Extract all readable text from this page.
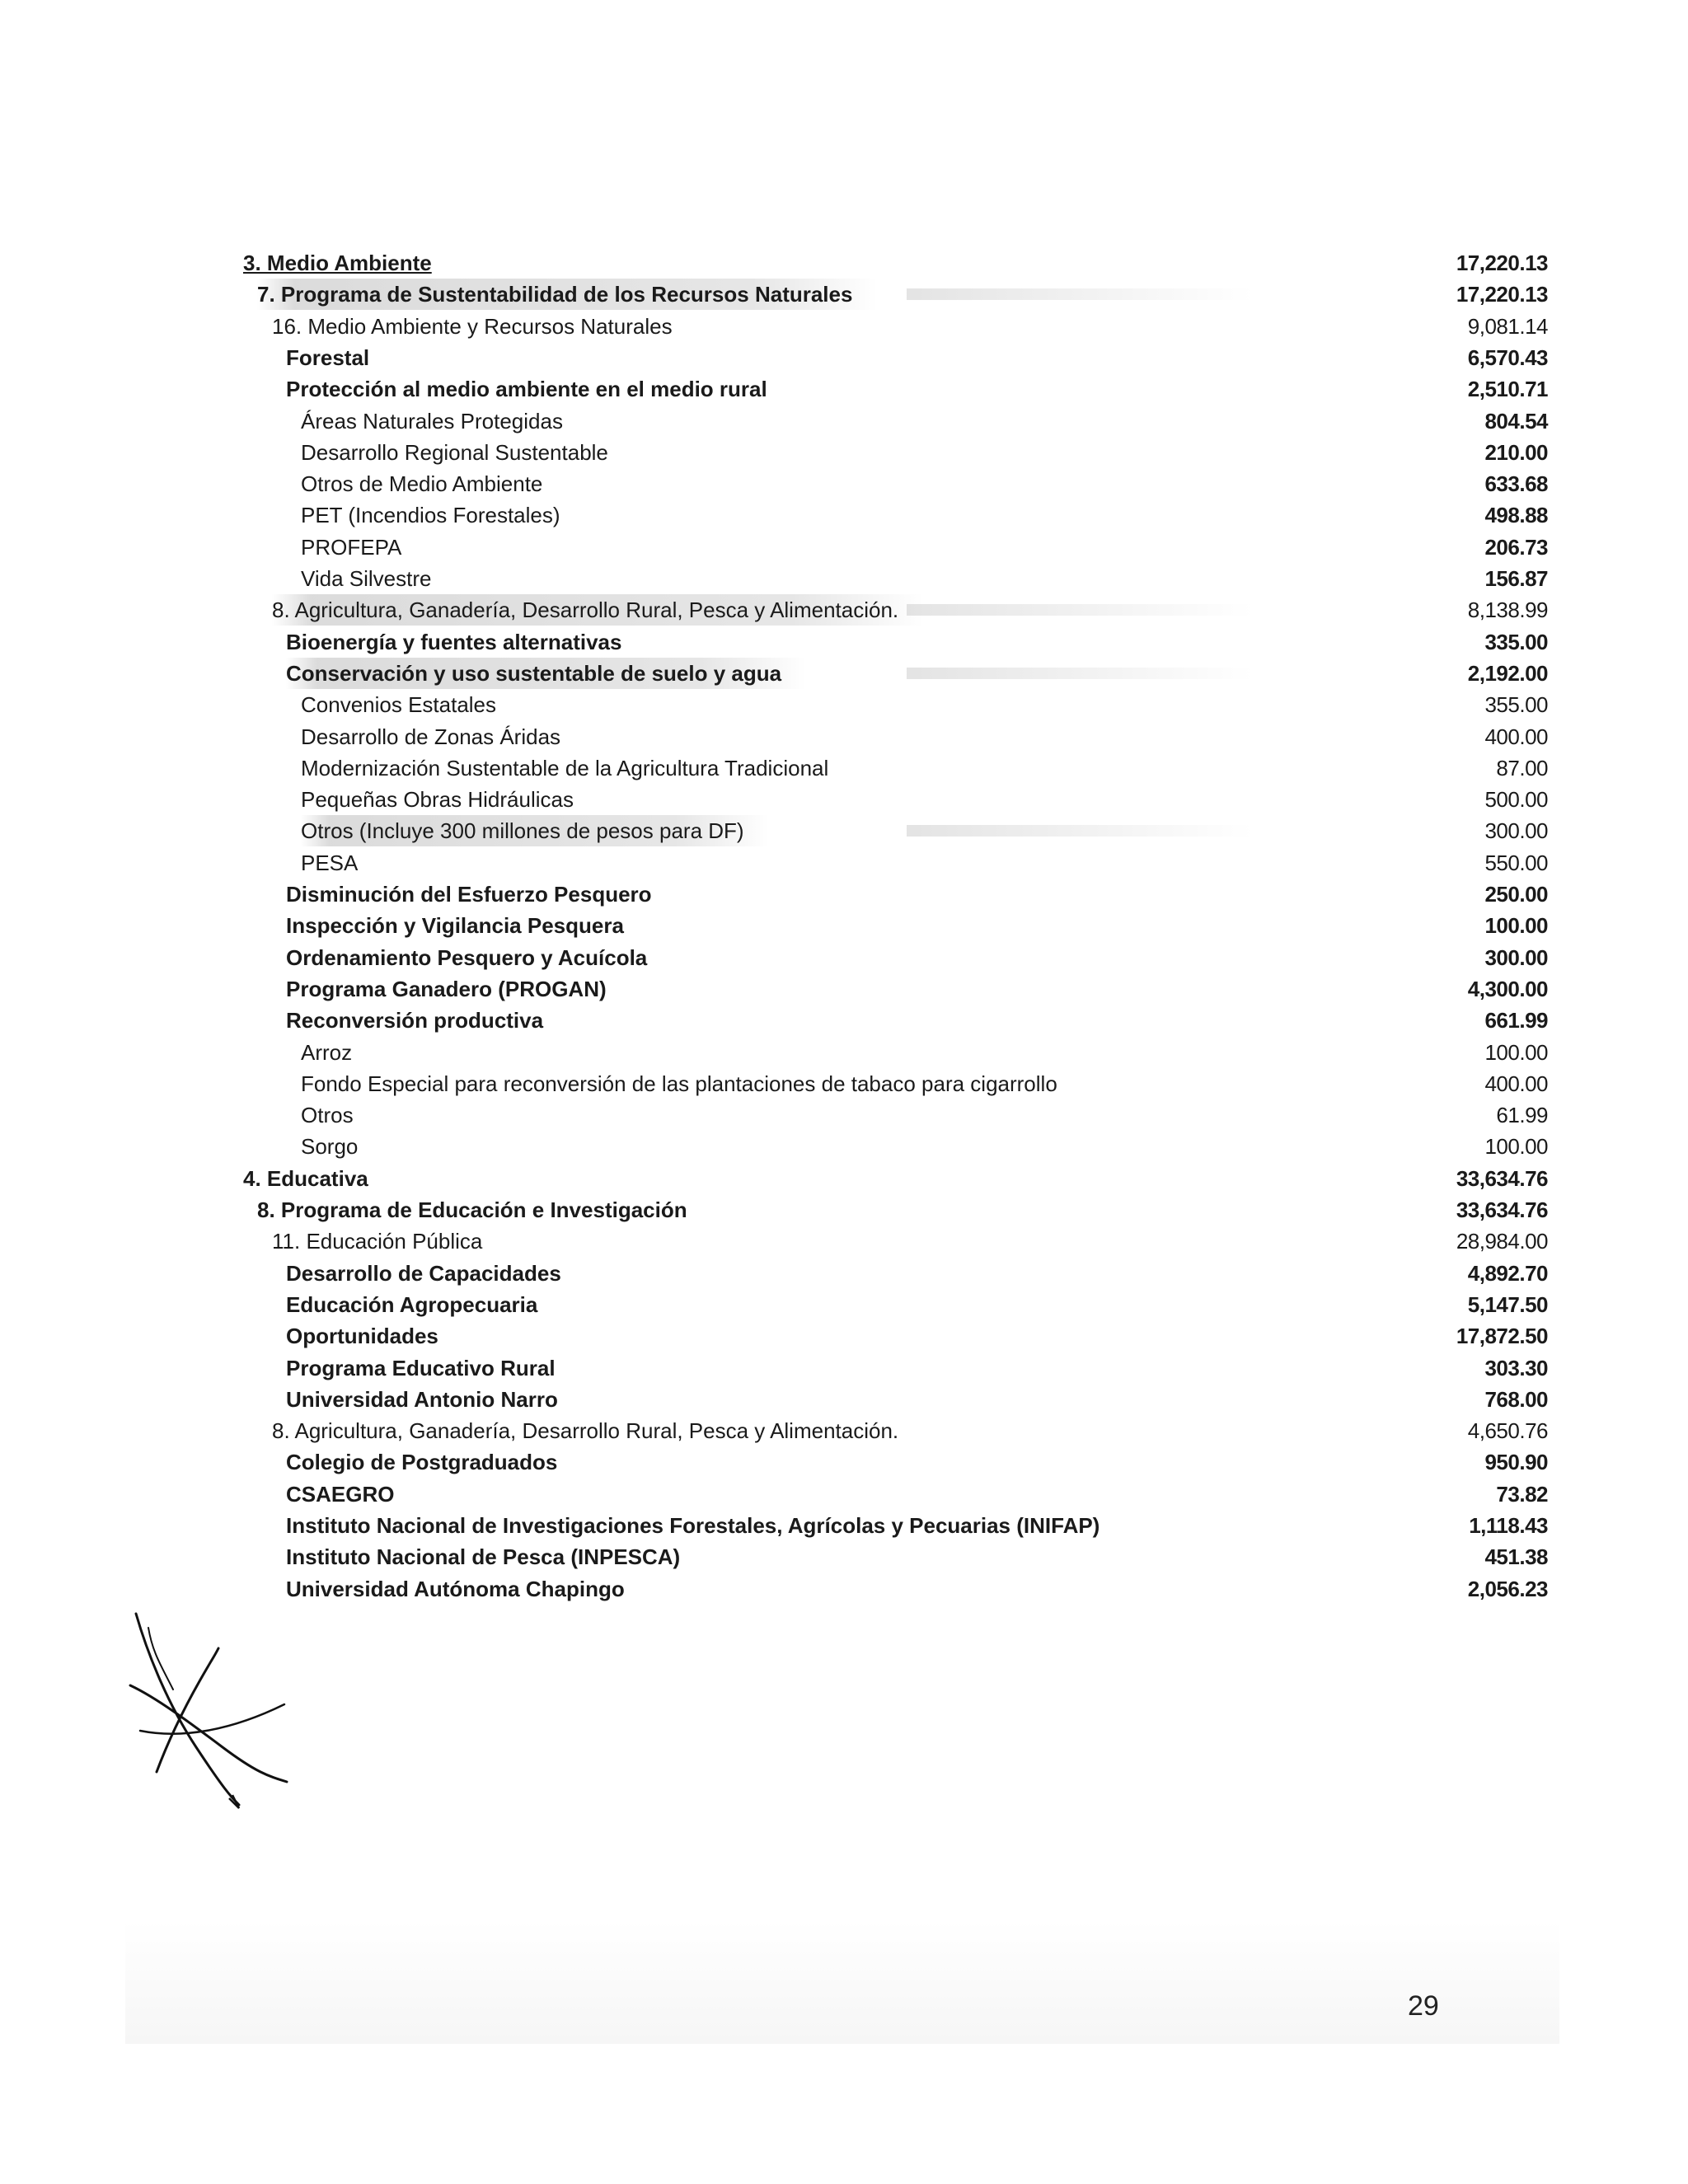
3. Medio Ambiente	17,220.13
7. Programa de Sustentabilidad de los Recursos Naturales	17,220.13
16. Medio Ambiente y Recursos Naturales	9,081.14
Forestal	6,570.43
Protección al medio ambiente en el medio rural	2,510.71
Áreas Naturales Protegidas	804.54
Desarrollo Regional Sustentable	210.00
Otros de Medio Ambiente	633.68
PET (Incendios Forestales)	498.88
PROFEPA	206.73
Vida Silvestre	156.87
8. Agricultura, Ganadería, Desarrollo Rural, Pesca y Alimentación.	8,138.99
Bioenergía y fuentes alternativas	335.00
Conservación y uso sustentable de suelo y agua	2,192.00
Convenios Estatales	355.00
Desarrollo de Zonas Áridas	400.00
Modernización Sustentable de la Agricultura Tradicional	87.00
Pequeñas Obras Hidráulicas	500.00
Otros (Incluye 300 millones de pesos para DF)	300.00
PESA	550.00
Disminución del Esfuerzo Pesquero	250.00
Inspección y Vigilancia Pesquera	100.00
Ordenamiento Pesquero y Acuícola	300.00
Programa Ganadero (PROGAN)	4,300.00
Reconversión productiva	661.99
Arroz	100.00
Fondo Especial para reconversión de las plantaciones de tabaco para cigarrollo	400.00
Otros	61.99
Sorgo	100.00
4. Educativa	33,634.76
8. Programa de Educación e Investigación	33,634.76
11. Educación Pública	28,984.00
Desarrollo de Capacidades	4,892.70
Educación Agropecuaria	5,147.50
Oportunidades	17,872.50
Programa Educativo Rural	303.30
Universidad Antonio Narro	768.00
8. Agricultura, Ganadería, Desarrollo Rural, Pesca y Alimentación.	4,650.76
Colegio de Postgraduados	950.90
CSAEGRO	73.82
Instituto Nacional de Investigaciones Forestales, Agrícolas y Pecuarias (INIFAP)	1,118.43
Instituto Nacional de Pesca (INPESCA)	451.38
Universidad Autónoma Chapingo	2,056.23
29
